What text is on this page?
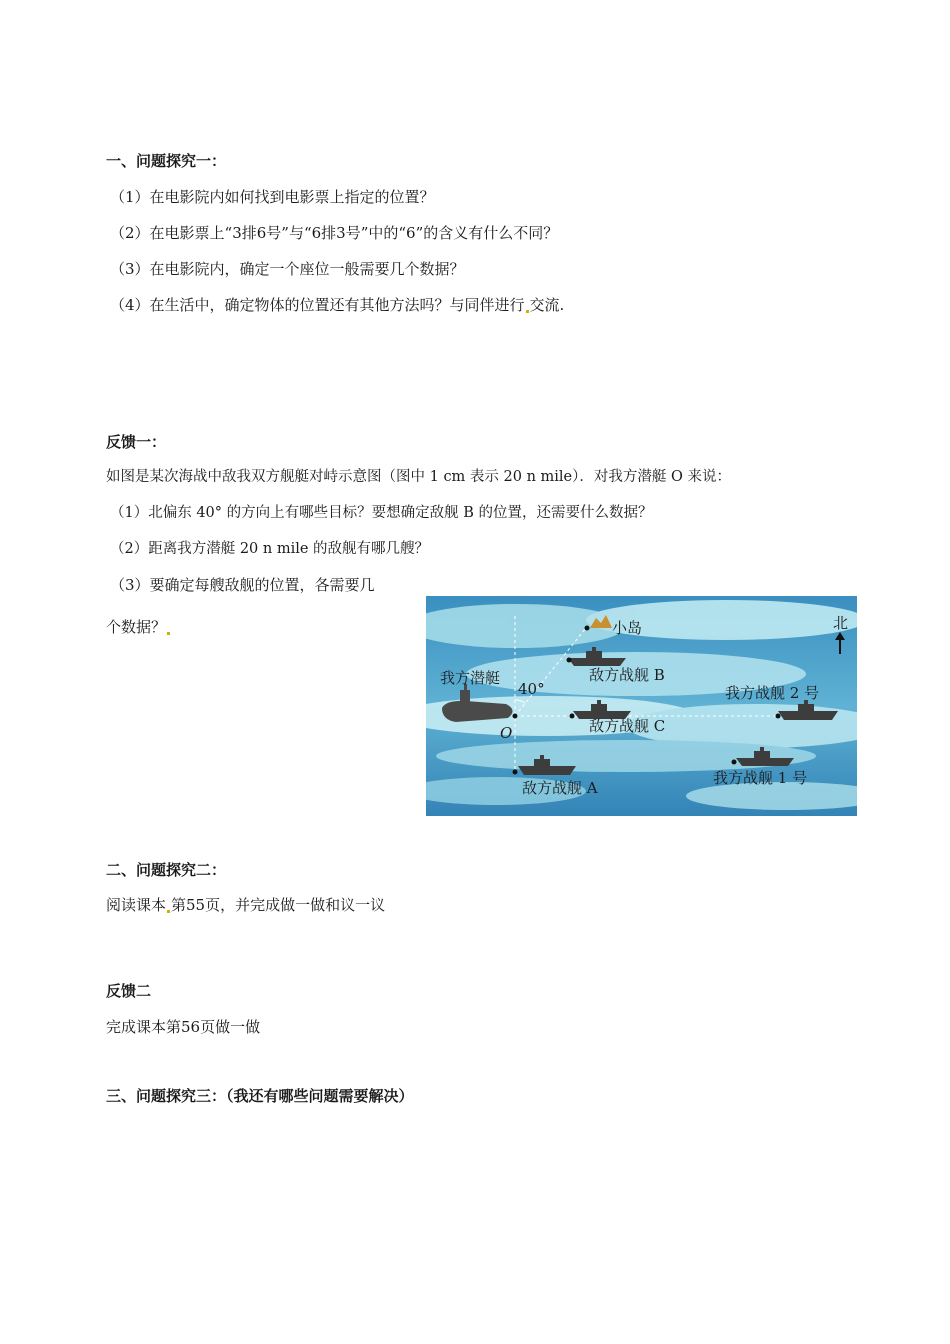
一、问题探究一：
（1）在电影院内如何找到电影票上指定的位置？
（2）在电影票上“3排6号”与“6排3号”中的“6”的含义有什么不同？
（3）在电影院内，确定一个座位一般需要几个数据？
（4）在生活中，确定物体的位置还有其他方法吗？与同伴进行 交流.
反馈一：
如图是某次海战中敌我双方舰艇对峙示意图（图中 1 cm 表示 20 n mile）．对我方潜艇 O 来说：
（1）北偏东 40° 的方向上有哪些目标？要想确定敌舰 B 的位置，还需要什么数据？
（2）距离我方潜艇 20 n mile 的敌舰有哪几艘？
（3）要确定每艘敌舰的位置，各需要几
个数据？	小岛	北
我方潜艇
O
40°
敌方战舰 B
敌方战舰 C
我方战舰 2 号
敌方战舰 A
我方战舰 1 号
二、问题探究二：
阅读课本 第55页，并完成做一做和议一议
反馈二
完成课本第56页做一做
三、问题探究三：（我还有哪些问题需要解决）
